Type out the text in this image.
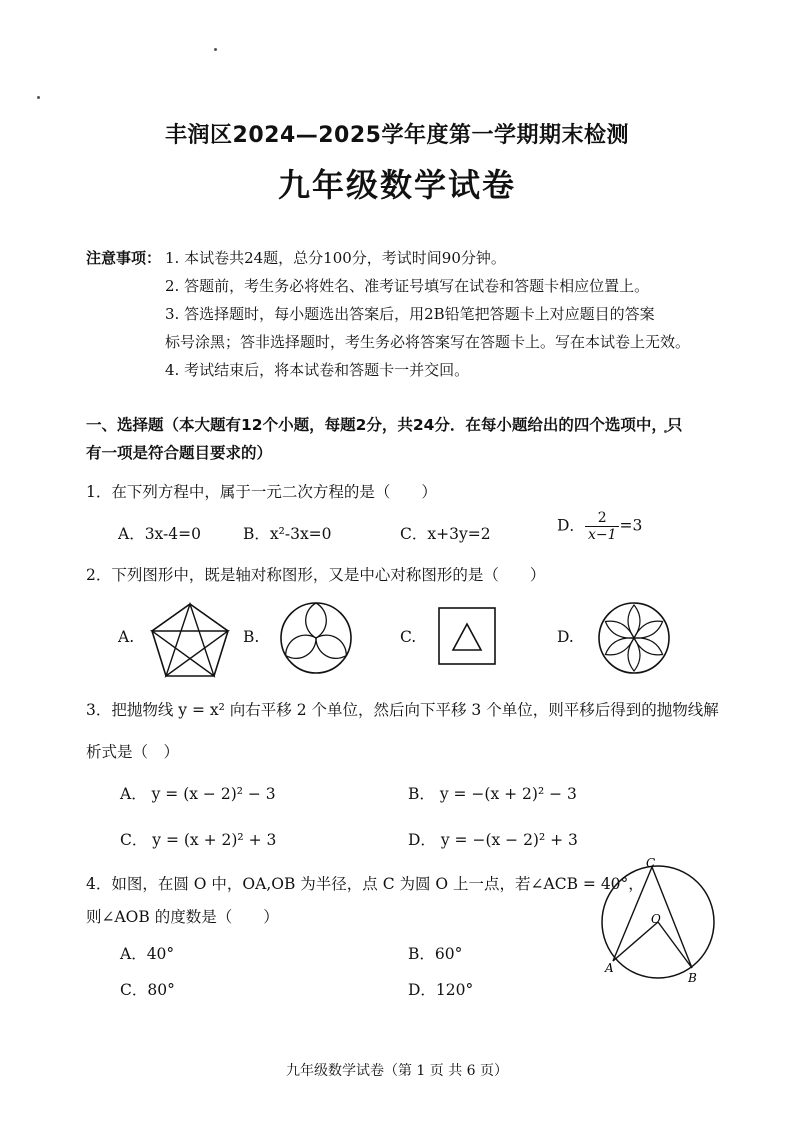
丰润区2024—2025学年度第一学期期末检测
九年级数学试卷
注意事项： 1. 本试卷共24题，总分100分，考试时间90分钟。
2. 答题前，考生务必将姓名、准考证号填写在试卷和答题卡相应位置上。
3. 答选择题时，每小题选出答案后，用2B铅笔把答题卡上对应题目的答案
标号涂黑；答非选择题时，考生务必将答案写在答题卡上。写在本试卷上无效。
4. 考试结束后，将本试卷和答题卡一并交回。
一、选择题（本大题有12个小题，每题2分，共24分．在每小题给出的四个选项中，只
有一项是符合题目要求的）
1．在下列方程中，属于一元二次方程的是（　　）
A．3x-4=0	B．x²-3x=0	C．x+3y=2	D． $\frac{2}{x-1} =3$
2．下列图形中，既是轴对称图形，又是中心对称图形的是（　　）
A.	B.	C.	D.
3．把抛物线 y = x² 向右平移 2 个单位，然后向下平移 3 个单位，则平移后得到的抛物线解
析式是（　）
A． y = (x − 2)² − 3	B． y = −(x + 2)² − 3
C． y = (x + 2)² + 3	D． y = −(x − 2)² + 3
4．如图，在圆 O 中，OA,OB 为半径，点 C 为圆 O 上一点，若∠ACB = 40°，
则∠AOB 的度数是（　　）
A．40°	B．60°
C．80°	D．120°
C
O
A
B
九年级数学试卷（第 1 页 共 6 页）
